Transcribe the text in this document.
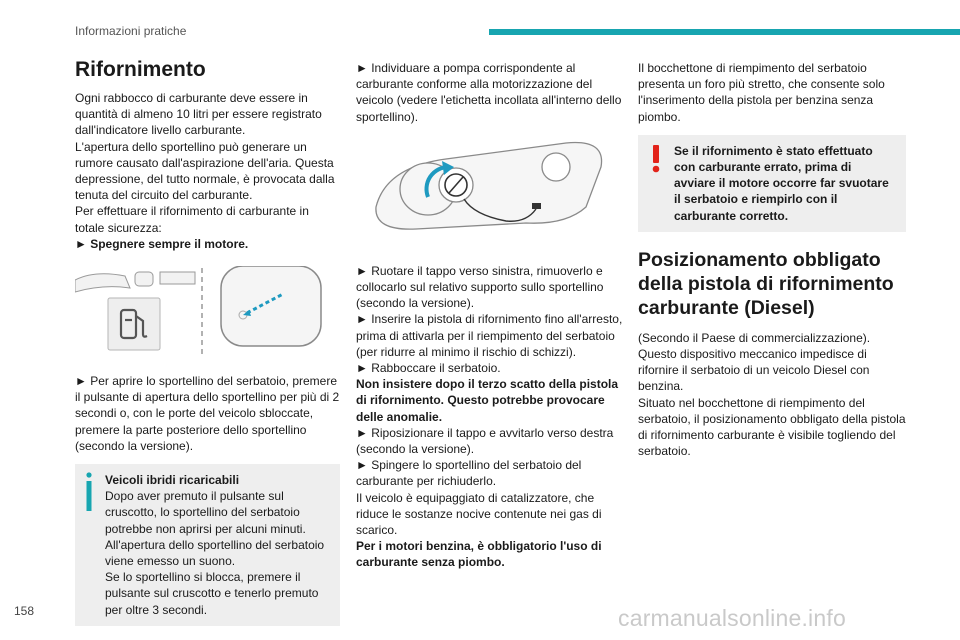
Informazioni pratiche
Rifornimento

Ogni rabbocco di carburante deve essere in quantità di almeno 10 litri per essere registrato dall'indicatore livello carburante.

L'apertura dello sportellino può generare un rumore causato dall'aspirazione dell'aria. Questa depressione, del tutto normale, è provocata dalla tenuta del circuito del carburante.

Per effettuare il rifornimento di carburante in totale sicurezza:

► Spegnere sempre il motore.

► Per aprire lo sportellino del serbatoio, premere il pulsante di apertura dello sportellino per più di 2 secondi o, con le porte del veicolo sbloccate, premere la parte posteriore dello sportellino (secondo la versione).

Veicoli ibridi ricaricabili

Dopo aver premuto il pulsante sul cruscotto, lo sportellino del serbatoio potrebbe non aprirsi per alcuni minuti.

All'apertura dello sportellino del serbatoio viene emesso un suono.

Se lo sportellino si blocca, premere il pulsante sul cruscotto e tenerlo premuto per oltre 3 secondi.

► Individuare a pompa corrispondente al carburante conforme alla motorizzazione del veicolo (vedere l'etichetta incollata all'interno dello sportellino).

► Ruotare il tappo verso sinistra, rimuoverlo e collocarlo sul relativo supporto sullo sportellino (secondo la versione).

► Inserire la pistola di rifornimento fino all'arresto, prima di attivarla per il riempimento del serbatoio (per ridurre al minimo il rischio di schizzi).

► Rabboccare il serbatoio.

Non insistere dopo il terzo scatto della pistola di rifornimento. Questo potrebbe provocare delle anomalie.

► Riposizionare il tappo e avvitarlo verso destra (secondo la versione).

► Spingere lo sportellino del serbatoio del carburante per richiuderlo.

Il veicolo è equipaggiato di catalizzatore, che riduce le sostanze nocive contenute nei gas di scarico.

Per i motori benzina, è obbligatorio l'uso di carburante senza piombo.

Il bocchettone di riempimento del serbatoio presenta un foro più stretto, che consente solo l'inserimento della pistola per benzina senza piombo.

Se il rifornimento è stato effettuato con carburante errato, prima di avviare il motore occorre far svuotare il serbatoio e riempirlo con il carburante corretto.

Posizionamento obbligato della pistola di rifornimento carburante (Diesel)

(Secondo il Paese di commercializzazione).

Questo dispositivo meccanico impedisce di rifornire il serbatoio di un veicolo Diesel con benzina.

Situato nel bocchettone di riempimento del serbatoio, il posizionamento obbligato della pistola di rifornimento carburante è visibile togliendo del serbatoio.

158	carmanualsonline.info
